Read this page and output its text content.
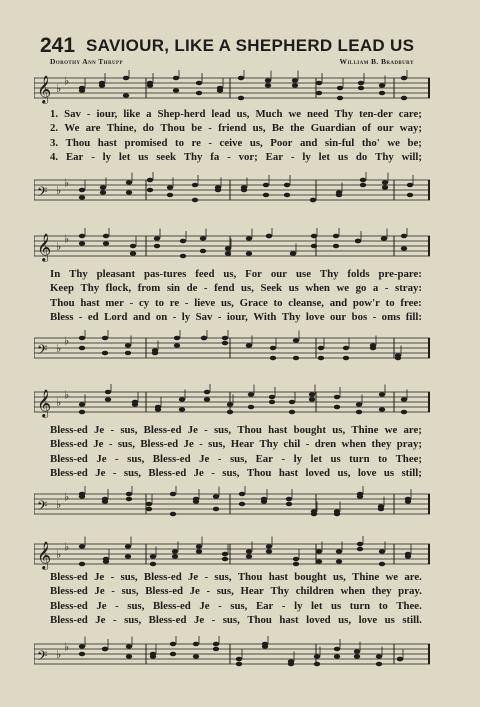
241 SAVIOUR, LIKE A SHEPHERD LEAD US
Dorothy Ann Thrupp	William B. Bradbury
𝄞 ♭
♭
1. Sav - iour, like a Shep-herd lead us, Much we need Thy ten-der care;
2. We are Thine, do Thou be - friend us, Be the Guardian of our way;
3. Thou hast promised to re - ceive us, Poor and sin-ful tho' we be;
4. Ear - ly let us seek Thy fa - vor; Ear - ly let us do Thy will;
𝄢 ♭
♭
𝄞 ♭
♭
In Thy pleasant pas-tures feed us, For our use Thy folds pre-pare:
Keep Thy flock, from sin de - fend us, Seek us when we go a - stray:
Thou hast mer - cy to re - lieve us, Grace to cleanse, and pow'r to free:
Bless - ed Lord and on - ly Sav - iour, With Thy love our bos - oms fill:
𝄢 ♭
♭
𝄞 ♭
♭
Bless-ed Je - sus, Bless-ed Je - sus, Thou hast bought us, Thine we are;
Bless-ed Je - sus, Bless-ed Je - sus, Hear Thy chil - dren when they pray;
Bless-ed Je - sus, Bless-ed Je - sus, Ear - ly let us turn to Thee;
Bless-ed Je - sus, Bless-ed Je - sus, Thou hast loved us, love us still;
𝄢 ♭
♭
𝄞 ♭
♭
Bless-ed Je - sus, Bless-ed Je - sus, Thou hast bought us, Thine we are.
Bless-ed Je - sus, Bless-ed Je - sus, Hear Thy children when they pray.
Bless-ed Je - sus, Bless-ed Je - sus, Ear - ly let us turn to Thee.
Bless-ed Je - sus, Bless-ed Je - sus, Thou hast loved us, love us still.
𝄢 ♭
♭
